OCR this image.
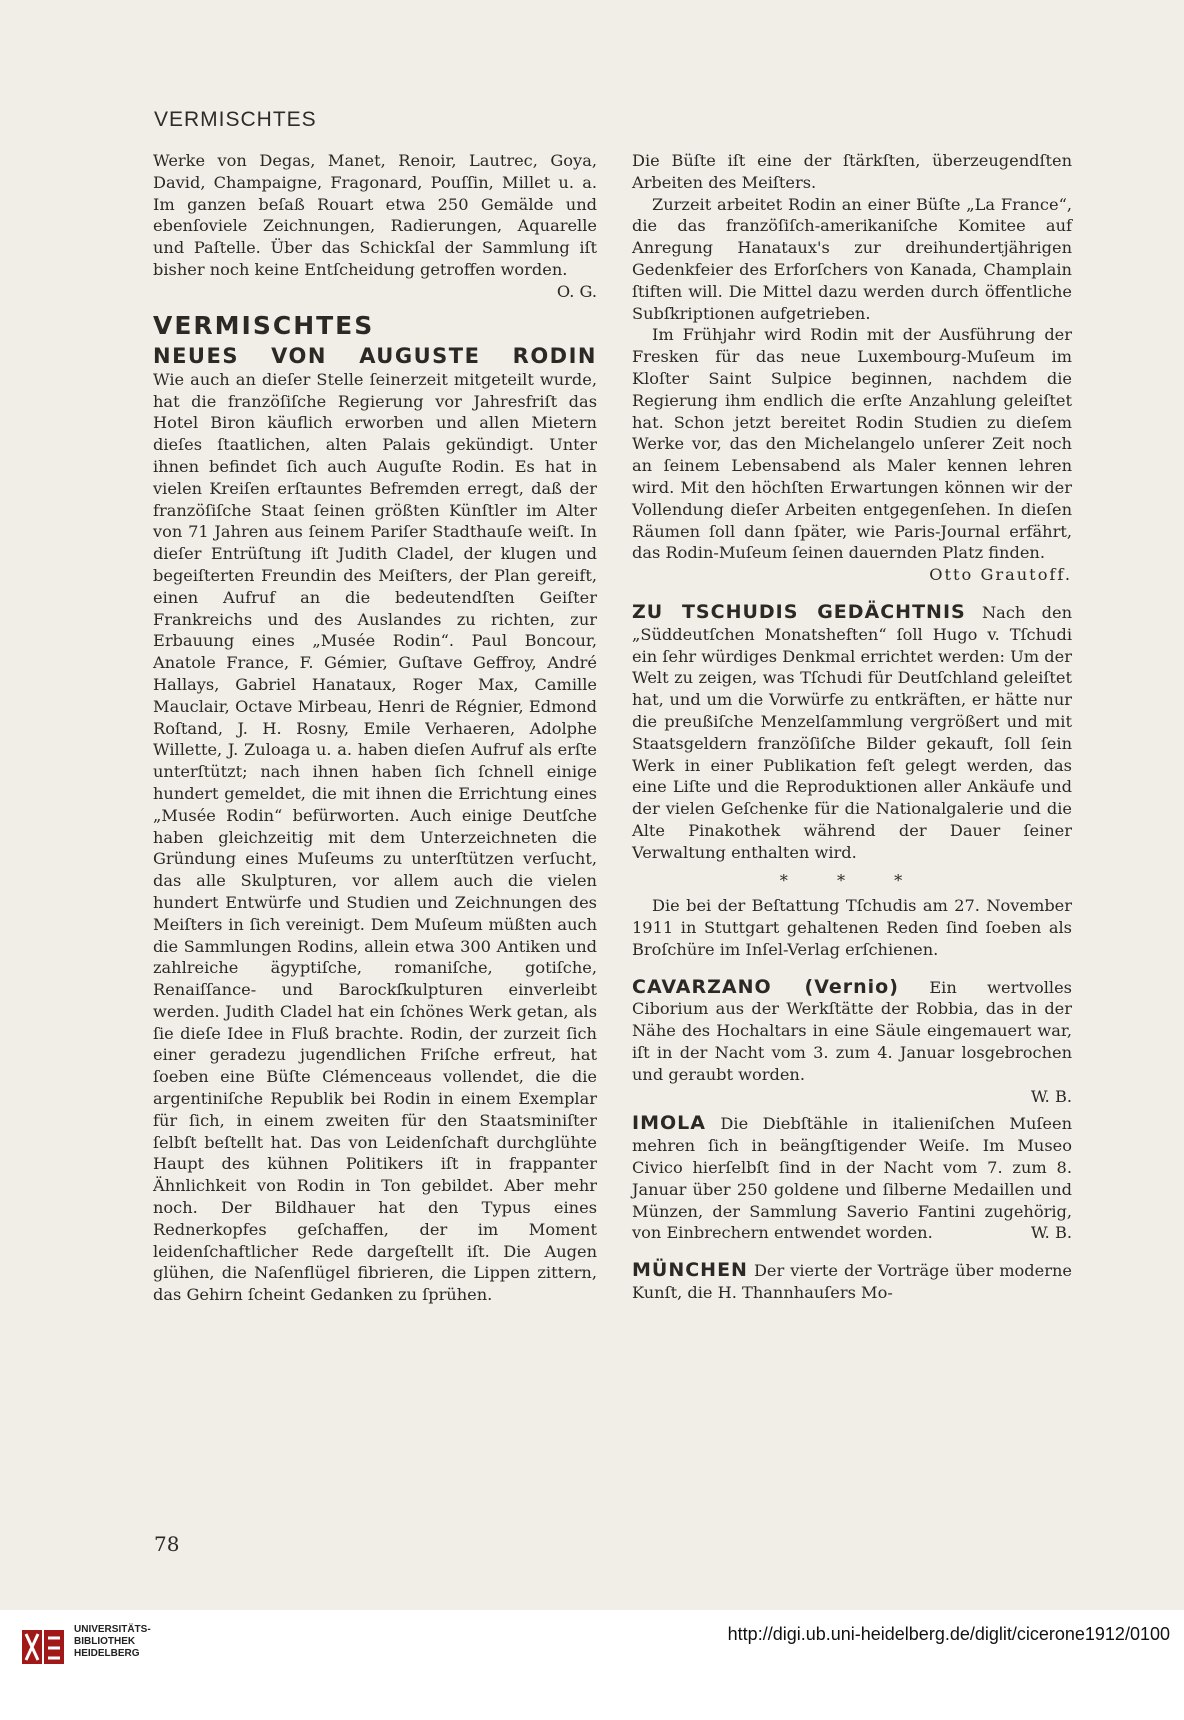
VERMISCHTES

Werke von Degas, Manet, Renoir, Lautrec, Goya, David, Champaigne, Fragonard, Pouſſin, Millet u. a. Im ganzen beſaß Rouart etwa 250 Gemälde und ebenſoviele Zeichnungen, Radierungen, Aquarelle und Paſtelle. Über das Schickſal der Sammlung iſt bisher noch keine Entſcheidung getroffen worden.
O. G.

VERMISCHTES
NEUES VON AUGUSTE RODIN

Wie auch an dieſer Stelle ſeinerzeit mitgeteilt wurde, hat die franzöſiſche Regierung vor Jahresfriſt das Hotel Biron käuflich erworben und allen Mietern dieſes ſtaatlichen, alten Palais gekündigt. Unter ihnen befindet ſich auch Auguſte Rodin. Es hat in vielen Kreiſen erſtauntes Befremden erregt, daß der franzöſiſche Staat ſeinen größten Künſtler im Alter von 71 Jahren aus ſeinem Pariſer Stadthauſe weiſt. In dieſer Entrüſtung iſt Judith Cladel, der klugen und begeiſterten Freundin des Meiſters, der Plan gereift, einen Aufruf an die bedeutendſten Geiſter Frankreichs und des Auslandes zu richten, zur Erbauung eines „Musée Rodin“. Paul Boncour, Anatole France, F. Gémier, Guſtave Geffroy, André Hallays, Gabriel Hanataux, Roger Max, Camille Mauclair, Octave Mirbeau, Henri de Régnier, Edmond Roſtand, J. H. Rosny, Emile Verhaeren, Adolphe Willette, J. Zuloaga u. a. haben dieſen Aufruf als erſte unterſtützt; nach ihnen haben ſich ſchnell einige hundert gemeldet, die mit ihnen die Errichtung eines „Musée Rodin“ befürworten. Auch einige Deutſche haben gleichzeitig mit dem Unterzeichneten die Gründung eines Muſeums zu unterſtützen verſucht, das alle Skulpturen, vor allem auch die vielen hundert Entwürfe und Studien und Zeichnungen des Meiſters in ſich vereinigt. Dem Muſeum müßten auch die Sammlungen Rodins, allein etwa 300 Antiken und zahlreiche ägyptiſche, romaniſche, gotiſche, Renaiſſance- und Barockſkulpturen einverleibt werden. Judith Cladel hat ein ſchönes Werk getan, als ſie dieſe Idee in Fluß brachte. Rodin, der zurzeit ſich einer geradezu jugendlichen Friſche erfreut, hat ſoeben eine Büſte Clémenceaus vollendet, die die argentiniſche Republik bei Rodin in einem Exemplar für ſich, in einem zweiten für den Staatsminiſter ſelbſt beſtellt hat. Das von Leidenſchaft durchglühte Haupt des kühnen Politikers iſt in frappanter Ähnlichkeit von Rodin in Ton gebildet. Aber mehr noch. Der Bildhauer hat den Typus eines Rednerkopfes geſchaffen, der im Moment leidenſchaftlicher Rede dargeſtellt iſt. Die Augen glühen, die Naſenflügel fibrieren, die Lippen zittern, das Gehirn ſcheint Gedanken zu ſprühen.

Die Büſte iſt eine der ſtärkſten, überzeugendſten Arbeiten des Meiſters.

Zurzeit arbeitet Rodin an einer Büſte „La France“, die das franzöſiſch-amerikaniſche Komitee auf Anregung Hanataux's zur dreihundertjährigen Gedenkfeier des Erforſchers von Kanada, Champlain ſtiften will. Die Mittel dazu werden durch öffentliche Subſkriptionen aufgetrieben.

Im Frühjahr wird Rodin mit der Ausführung der Fresken für das neue Luxembourg-Muſeum im Kloſter Saint Sulpice beginnen, nachdem die Regierung ihm endlich die erſte Anzahlung geleiſtet hat. Schon jetzt bereitet Rodin Studien zu dieſem Werke vor, das den Michelangelo unſerer Zeit noch an ſeinem Lebensabend als Maler kennen lehren wird. Mit den höchſten Erwartungen können wir der Vollendung dieſer Arbeiten entgegenſehen. In dieſen Räumen ſoll dann ſpäter, wie Paris-Journal erfährt, das Rodin-Muſeum ſeinen dauernden Platz finden.

Otto Grautoff.

ZU TSCHUDIS GEDÄCHTNIS Nach den „Süddeutſchen Monatsheften“ ſoll Hugo v. Tſchudi ein ſehr würdiges Denkmal errichtet werden: Um der Welt zu zeigen, was Tſchudi für Deutſchland geleiſtet hat, und um die Vorwürfe zu entkräften, er hätte nur die preußiſche Menzelſammlung vergrößert und mit Staatsgeldern franzöſiſche Bilder gekauft, ſoll ſein Werk in einer Publikation feſt gelegt werden, das eine Liſte und die Reproduktionen aller Ankäufe und der vielen Geſchenke für die Nationalgalerie und die Alte Pinakothek während der Dauer ſeiner Verwaltung enthalten wird.

* * *

Die bei der Beſtattung Tſchudis am 27. November 1911 in Stuttgart gehaltenen Reden ſind ſoeben als Broſchüre im Inſel-Verlag erſchienen.

CAVARZANO (Vernio) Ein wertvolles Ciborium aus der Werkſtätte der Robbia, das in der Nähe des Hochaltars in eine Säule eingemauert war, iſt in der Nacht vom 3. zum 4. Januar losgebrochen und geraubt worden.

W. B.

IMOLA Die Diebſtähle in italieniſchen Muſeen mehren ſich in beängſtigender Weiſe. Im Museo Civico hierſelbſt ſind in der Nacht vom 7. zum 8. Januar über 250 goldene und ſilberne Medaillen und Münzen, der Sammlung Saverio Fantini zugehörig, von Einbrechern entwendet worden.	W. B.

MÜNCHEN Der vierte der Vorträge über moderne Kunſt, die H. Thannhauſers Mo-

78
UNIVERSITÄTS-
BIBLIOTHEK
HEIDELBERG
http://digi.ub.uni-heidelberg.de/diglit/cicerone1912/0100
